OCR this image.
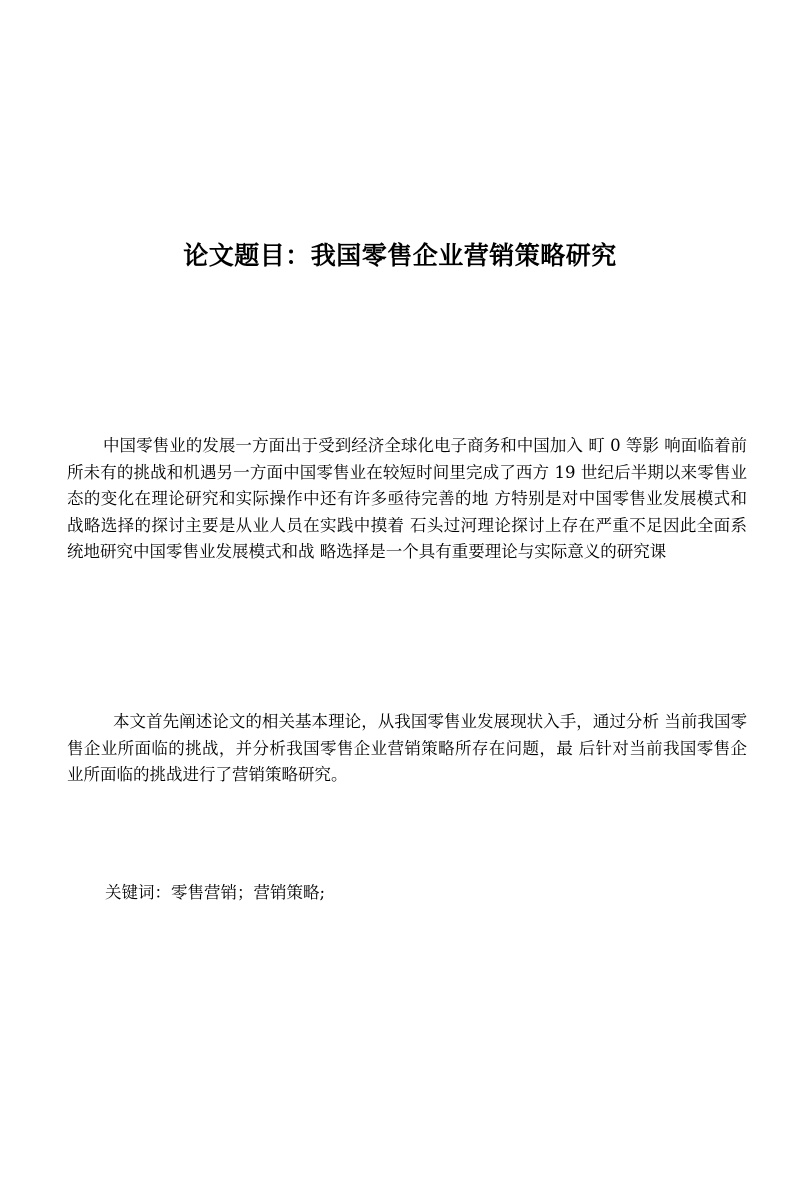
论文题目：我国零售企业营销策略研究
中国零售业的发展一方面出于受到经济全球化电子商务和中国加入 町 0 等影 响面临着前所未有的挑战和机遇另一方面中国零售业在较短时间里完成了西方 19 世纪后半期以来零售业态的变化在理论研究和实际操作中还有许多亟待完善的地 方特别是对中国零售业发展模式和战略选择的探讨主要是从业人员在实践中摸着 石头过河理论探讨上存在严重不足因此全面系统地研究中国零售业发展模式和战 略选择是一个具有重要理论与实际意义的研究课
本文首先阐述论文的相关基本理论，从我国零售业发展现状入手，通过分析 当前我国零售企业所面临的挑战，并分析我国零售企业营销策略所存在问题，最 后针对当前我国零售企业所面临的挑战进行了营销策略研究。
关键词：零售营销；营销策略;
